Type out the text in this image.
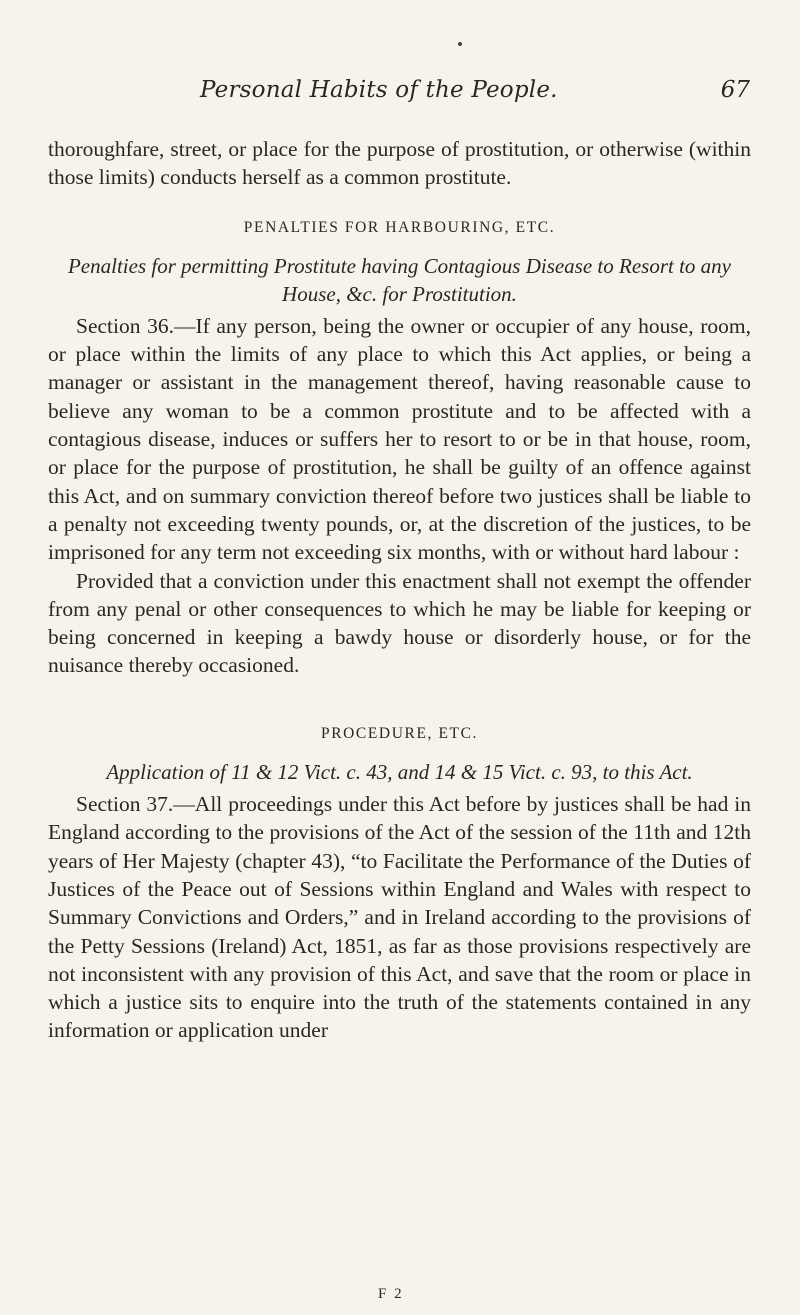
Personal Habits of the People.	67

thoroughfare, street, or place for the purpose of prostitution, or otherwise (within those limits) conducts herself as a common prostitute.

PENALTIES FOR HARBOURING, ETC.
Penalties for permitting Prostitute having Contagious Disease to Resort to any House, &c. for Prostitution.

Section 36.—If any person, being the owner or occupier of any house, room, or place within the limits of any place to which this Act applies, or being a manager or assistant in the management thereof, having reasonable cause to believe any woman to be a common prostitute and to be affected with a contagious disease, induces or suffers her to resort to or be in that house, room, or place for the purpose of prostitution, he shall be guilty of an offence against this Act, and on summary conviction thereof before two justices shall be liable to a penalty not exceeding twenty pounds, or, at the discretion of the justices, to be imprisoned for any term not exceeding six months, with or without hard labour :

Provided that a conviction under this enactment shall not exempt the offender from any penal or other consequences to which he may be liable for keeping or being concerned in keeping a bawdy house or disorderly house, or for the nuisance thereby occasioned.

PROCEDURE, ETC.
Application of 11 & 12 Vict. c. 43, and 14 & 15 Vict. c. 93, to this Act.

Section 37.—All proceedings under this Act before by justices shall be had in England according to the provisions of the Act of the session of the 11th and 12th years of Her Majesty (chapter 43), “to Facilitate the Performance of the Duties of Justices of the Peace out of Sessions within England and Wales with respect to Summary Convictions and Orders,” and in Ireland according to the provisions of the Petty Sessions (Ireland) Act, 1851, as far as those provisions respectively are not inconsistent with any provision of this Act, and save that the room or place in which a justice sits to enquire into the truth of the statements contained in any information or application under

F 2
